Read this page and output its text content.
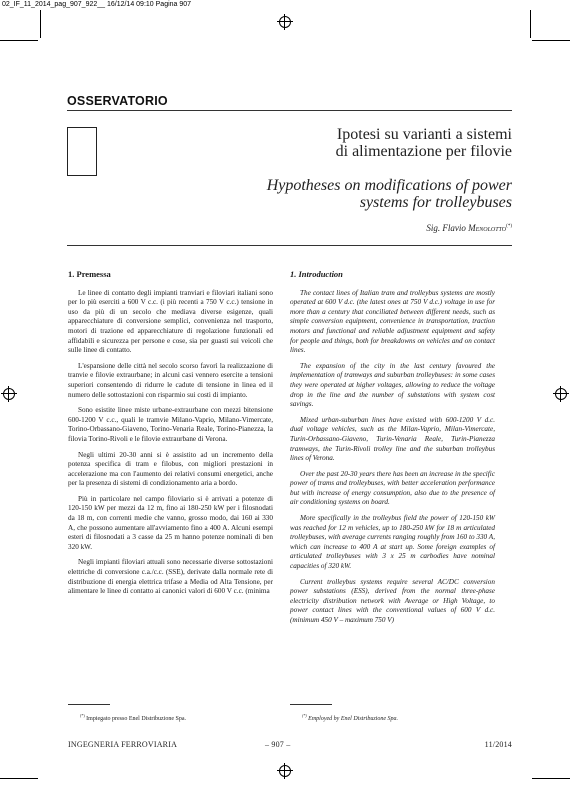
02_IF_11_2014_pag_907_922__ 16/12/14 09:10 Pagina 907
OSSERVATORIO
Ipotesi su varianti a sistemi
di alimentazione per filovie
Hypotheses on modifications of power
systems for trolleybuses
Sig. Flavio Menolotto(*)
1. Premessa

Le linee di contatto degli impianti tranviari e filoviari italiani sono per lo più eserciti a 600 V c.c. (i più recenti a 750 V c.c.) tensione in uso da più di un secolo che mediava diverse esigenze, quali apparecchiature di conversione semplici, convenienza nel trasporto, motori di trazione ed apparecchiature di regolazione funzionali ed affidabili e sicurezza per persone e cose, sia per guasti sui veicoli che sulle linee di contatto.

L'espansione delle città nel secolo scorso favorì la realizzazione di tranvie e filovie extraurbane; in alcuni casi vennero esercite a tensioni superiori consentendo di ridurre le cadute di tensione in linea ed il numero delle sottostazioni con risparmio sui costi di impianto.

Sono esistite linee miste urbane-extraurbane con mezzi bitensione 600-1200 V c.c., quali le tramvie Milano-Vaprio, Milano-Vimercate, Torino-Orbassano-Giaveno, Torino-Venaria Reale, Torino-Pianezza, la filovia Torino-Rivoli e le filovie extraurbane di Verona.

Negli ultimi 20-30 anni si è assistito ad un incremento della potenza specifica di tram e filobus, con migliori prestazioni in accelerazione ma con l'aumento dei relativi consumi energetici, anche per la presenza di sistemi di condizionamento aria a bordo.

Più in particolare nel campo filoviario si è arrivati a potenze di 120-150 kW per mezzi da 12 m, fino ai 180-250 kW per i filosnodati da 18 m, con correnti medie che vanno, grosso modo, dai 160 ai 330 A, che possono aumentare all'avviamento fino a 400 A. Alcuni esempi esteri di filosnodati a 3 casse da 25 m hanno potenze nominali di ben 320 kW.

Negli impianti filoviari attuali sono necessarie diverse sottostazioni elettriche di conversione c.a./c.c. (SSE), derivate dalla normale rete di distribuzione di energia elettrica trifase a Media od Alta Tensione, per alimentare le linee di contatto ai canonici valori di 600 V c.c. (minima

1. Introduction

The contact lines of Italian tram and trolleybus systems are mostly operated at 600 V d.c. (the latest ones at 750 V d.c.) voltage in use for more than a century that conciliated between different needs, such as simple conversion equipment, convenience in transportation, traction motors and functional and reliable adjustment equipment and safety for people and things, both for breakdowns on vehicles and on contact lines.

The expansion of the city in the last century favoured the implementation of tramways and suburban trolleybuses: in some cases they were operated at higher voltages, allowing to reduce the voltage drop in the line and the number of substations with system cost savings.

Mixed urban-suburban lines have existed with 600-1200 V d.c. dual voltage vehicles, such as the Milan-Vaprio, Milan-Vimercate, Turin-Orbassano-Giaveno, Turin-Venaria Reale, Turin-Pianezza tramways, the Turin-Rivoli trolley line and the suburban trolleybus lines of Verona.

Over the past 20-30 years there has been an increase in the specific power of trams and trolleybuses, with better acceleration performance but with increase of energy consumption, also due to the presence of air conditioning systems on board.

More specifically in the trolleybus field the power of 120-150 kW was reached for 12 m vehicles, up to 180-250 kW for 18 m articulated trolleybuses, with average currents ranging roughly from 160 to 330 A, which can increase to 400 A at start up. Some foreign examples of articulated trolleybuses with 3 x 25 m carbodies have nominal capacities of 320 kW.

Current trolleybus systems require several AC/DC conversion power substations (ESS), derived from the normal three-phase electricity distribution network with Average or High Voltage, to power contact lines with the conventional values of 600 V d.c. (minimum 450 V – maximum 750 V)

(*) Impiegato presso Enel Distribuzione Spa.
(*) Employed by Enel Distribuzione Spa.
INGEGNERIA FERROVIARIA	– 907 –	11/2014
